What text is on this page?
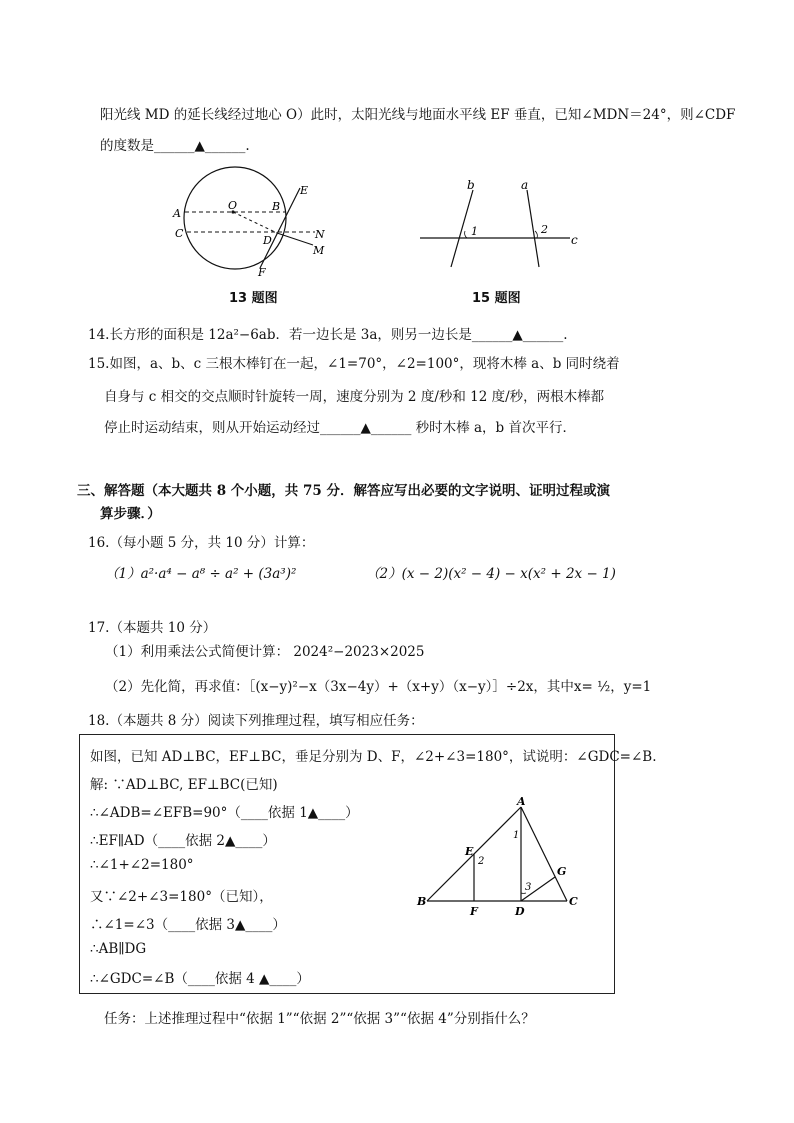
阳光线 MD 的延长线经过地心 O）此时，太阳光线与地面水平线 EF 垂直，已知∠MDN＝24°，则∠CDF
的度数是______▲______.
A
C
O	B
D
E
N
M
F
13 题图
b	a
c
1	2
15 题图
14.长方形的面积是 12a²−6ab．若一边长是 3a，则另一边长是______▲______.
15.如图，a、b、c 三根木棒钉在一起，∠1=70°，∠2=100°，现将木棒 a、b 同时绕着
自身与 c 相交的交点顺时针旋转一周，速度分别为 2 度/秒和 12 度/秒，两根木棒都
停止时运动结束，则从开始运动经过______▲______ 秒时木棒 a，b 首次平行．
三、解答题（本大题共 8 个小题，共 75 分．解答应写出必要的文字说明、证明过程或演
算步骤．）
16.（每小题 5 分，共 10 分）计算：
（1）a²·a⁴ − a⁸ ÷ a² + (3a³)²	（2）(x − 2)(x² − 4) − x(x² + 2x − 1)
17.（本题共 10 分）
（1）利用乘法公式简便计算： 2024²−2023×2025
（2）先化简，再求值：［(x−y)²−x（3x−4y）+（x+y）（x−y）］÷2x，其中x= ½，y=1
18.（本题共 8 分）阅读下列推理过程，填写相应任务：
如图，已知 AD⊥BC，EF⊥BC，垂足分别为 D、F，∠2+∠3=180°，试说明：∠GDC=∠B.
解: ∵AD⊥BC, EF⊥BC(已知)
∴∠ADB=∠EFB=90°（____依据 1▲____）
∴EF∥AD（____依据 2▲____）
∴∠1+∠2=180°
又∵∠2+∠3=180°（已知），
∴∠1=∠3（____依据 3▲____）
∴AB∥DG
∴∠GDC=∠B（____依据 4 ▲____）
A
B	C
D
E
F
G
1
2
3
任务：上述推理过程中“依据 1”“依据 2”“依据 3”“依据 4”分别指什么？
